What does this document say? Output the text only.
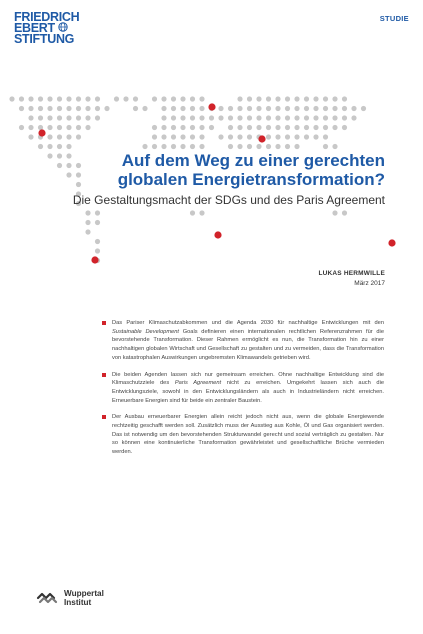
FRIEDRICH
EBERT
STIFTUNG
STUDIE
Auf dem Weg zu einer gerechten
globalen Energietransformation?
Die Gestaltungsmacht der SDGs und des Paris Agreement
LUKAS HERMWILLE
März 2017
Das Pariser Klimaschutzabkommen und die Agenda 2030 für nachhaltige Entwicklungen mit den Sustainable Development Goals definieren einen internationalen rechtlichen Referenzrahmen für die bevorstehende Transformation. Dieser Rahmen ermöglicht es nun, die Transformation hin zu einer nachhaltigen globalen Wirtschaft und Gesellschaft zu gestalten und zu vermeiden, dass die Transformation von katastrophalen Auswirkungen ungebremsten Klimawandels getrieben wird.
Die beiden Agenden lassen sich nur gemeinsam erreichen. Ohne nachhaltige Entwicklung sind die Klimaschutzziele des Paris Agreement nicht zu erreichen. Umgekehrt lassen sich auch die Entwicklungsziele, sowohl in den Entwicklungsländern als auch in Industrieländern nicht erreichen. Erneuerbare Energien sind für beide ein zentraler Baustein.
Der Ausbau erneuerbarer Energien allein reicht jedoch nicht aus, wenn die globale Energiewende rechtzeitig geschafft werden soll. Zusätzlich muss der Ausstieg aus Kohle, Öl und Gas organisiert werden. Das ist notwendig um den bevorstehenden Strukturwandel gerecht und sozial verträglich zu gestalten. Nur so können eine kontinuierliche Transformation gewährleistet und gesellschaftliche Brüche vermieden werden.
Wuppertal
Institut
